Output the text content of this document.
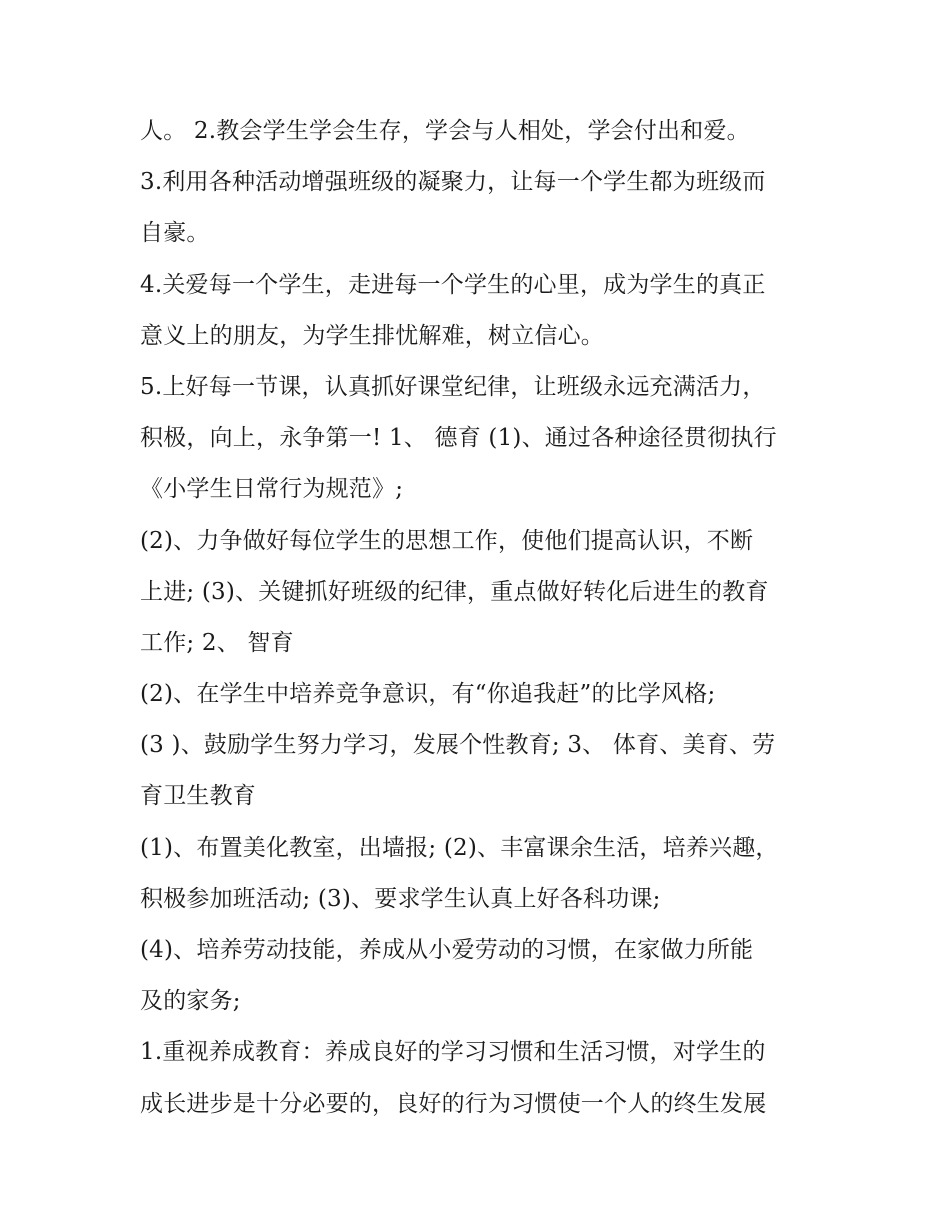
人。 2.教会学生学会生存，学会与人相处，学会付出和爱。
3.利用各种活动增强班级的凝聚力，让每一个学生都为班级而
自豪。
4.关爱每一个学生，走进每一个学生的心里，成为学生的真正
意义上的朋友，为学生排忧解难，树立信心。
5.上好每一节课，认真抓好课堂纪律，让班级永远充满活力，
积极，向上，永争第一! 1、 德育 (1)、通过各种途径贯彻执行
《小学生日常行为规范》;
(2)、力争做好每位学生的思想工作，使他们提高认识，不断
上进; (3)、关键抓好班级的纪律，重点做好转化后进生的教育
工作; 2、 智育
(2)、在学生中培养竞争意识，有“你追我赶”的比学风格;
(3 )、鼓励学生努力学习，发展个性教育; 3、 体育、美育、劳
育卫生教育
(1)、布置美化教室，出墙报; (2)、丰富课余生活，培养兴趣，
积极参加班活动; (3)、要求学生认真上好各科功课;
(4)、培养劳动技能，养成从小爱劳动的习惯，在家做力所能
及的家务;
1.重视养成教育：养成良好的学习习惯和生活习惯，对学生的
成长进步是十分必要的，良好的行为习惯使一个人的终生发展
